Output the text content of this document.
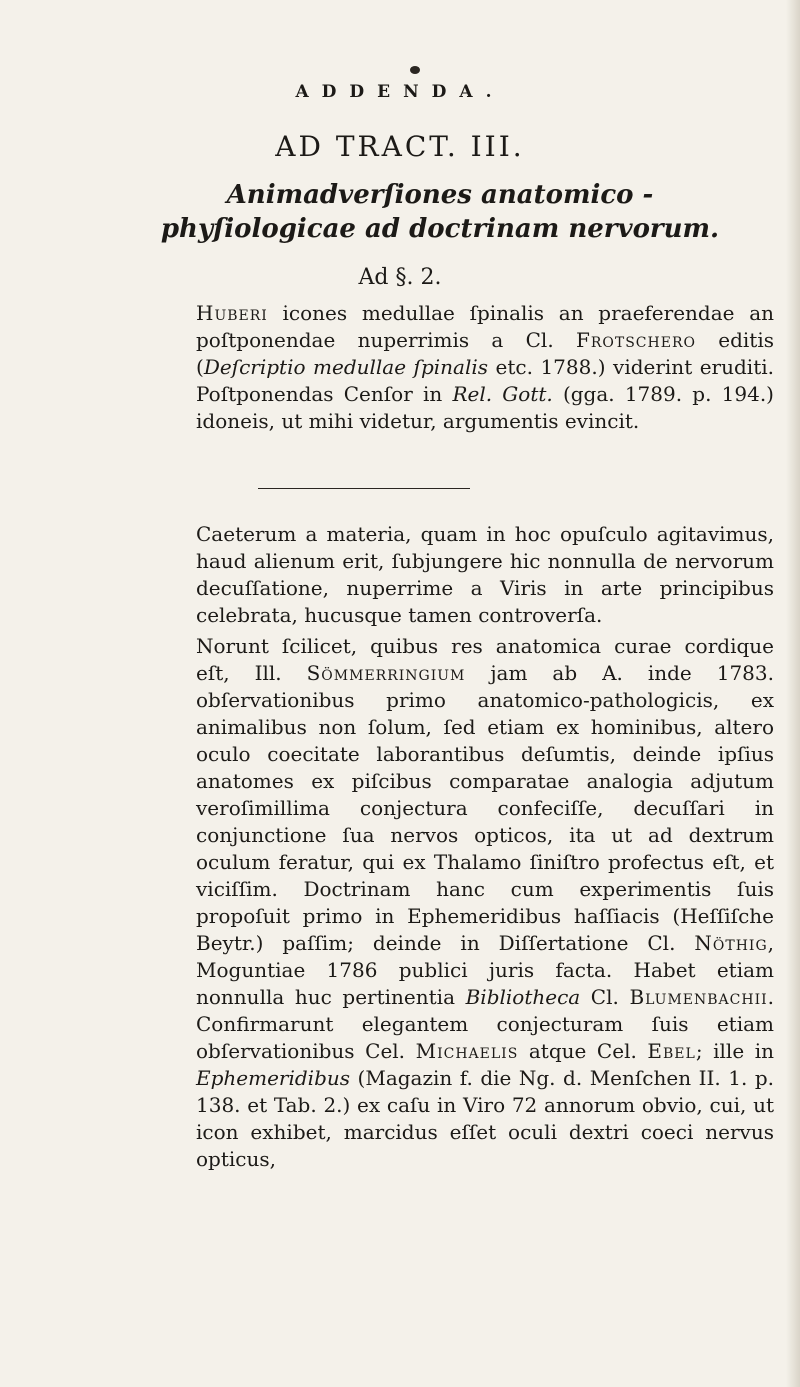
ADDENDA.
AD TRACT. III.
Animadverſiones anatomico - phyſiologicae ad doctrinam nervorum.
Ad §. 2.

Huberi icones medullae ſpinalis an praeferendae an poſtponendae nuperrimis a Cl. Frotschero editis (Deſcriptio medullae ſpinalis etc. 1788.) viderint eruditi. Poſtponendas Cenſor in Rel. Gott. (gga. 1789. p. 194.) idoneis, ut mihi videtur, argumentis evincit.

Caeterum a materia, quam in hoc opuſculo agitavimus, haud alienum erit, ſubjungere hic nonnulla de nervorum decuſſatione, nuperrime a Viris in arte principibus celebrata, hucusque tamen controverſa.

Norunt ſcilicet, quibus res anatomica curae cordique eſt, Ill. Sömmerringium jam ab A. inde 1783. obſervationibus primo anatomico-pathologicis, ex animalibus non ſolum, ſed etiam ex hominibus, altero oculo coecitate laborantibus deſumtis, deinde ipſius anatomes ex piſcibus comparatae analogia adjutum veroſimillima conjectura confeciſſe, decuſſari in conjunctione ſua nervos opticos, ita ut ad dextrum oculum feratur, qui ex Thalamo ſiniſtro profectus eſt, et viciſſim. Doctrinam hanc cum experimentis ſuis propoſuit primo in Ephemeridibus haſſiacis (Heſſiſche Beytr.) paſſim; deinde in Diſſertatione Cl. Nöthig, Moguntiae 1786 publici juris facta. Habet etiam nonnulla huc pertinentia Bibliotheca Cl. Blumenbachii. Confirmarunt elegantem conjecturam ſuis etiam obſervationibus Cel. Michaelis atque Cel. Ebel; ille in Ephemeridibus (Magazin f. die Ng. d. Menſchen II. 1. p. 138. et Tab. 2.) ex caſu in Viro 72 annorum obvio, cui, ut icon exhibet, marcidus eſſet oculi dextri coeci nervus opticus,
